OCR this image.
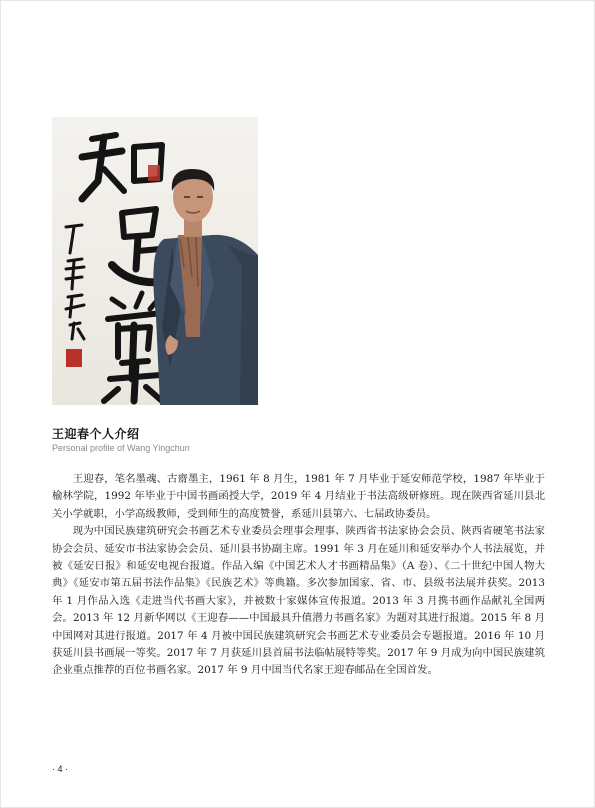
王迎春个人介绍

Personal profile of Wang Yingchun

王迎春，笔名墨魂、古齋墨主，1961 年 8 月生，1981 年 7 月毕业于延安师范学校，1987 年毕业于榆林学院，1992 年毕业于中国书画函授大学，2019 年 4 月结业于书法高级研修班。现在陕西省延川县北关小学就职，小学高级教师，受到师生的高度赞誉，系延川县第六、七届政协委员。

现为中国民族建筑研究会书画艺术专业委员会理事会理事、陕西省书法家协会会员、陕西省硬笔书法家协会会员、延安市书法家协会会员、延川县书协副主席。1991 年 3 月在延川和延安举办个人书法展览，并被《延安日报》和延安电视台报道。作品入编《中国艺术人才书画精品集》（A 卷）、《二十世纪中国人物大典》《延安市第五届书法作品集》《民族艺术》等典籍。多次参加国家、省、市、县级书法展并获奖。2013 年 1 月作品入选《走进当代书画大家》，并被数十家媒体宣传报道。2013 年 3 月携书画作品献礼全国两会。2013 年 12 月新华网以《王迎春——中国最具升值潜力书画名家》为题对其进行报道。2015 年 8 月中国网对其进行报道。2017 年 4 月被中国民族建筑研究会书画艺术专业委员会专题报道。2016 年 10 月获延川县书画展一等奖。2017 年 7 月获延川县首届书法临帖展特等奖。2017 年 9 月成为向中国民族建筑企业重点推荐的百位书画名家。2017 年 9 月中国当代名家王迎春邮品在全国首发。

· 4 ·
